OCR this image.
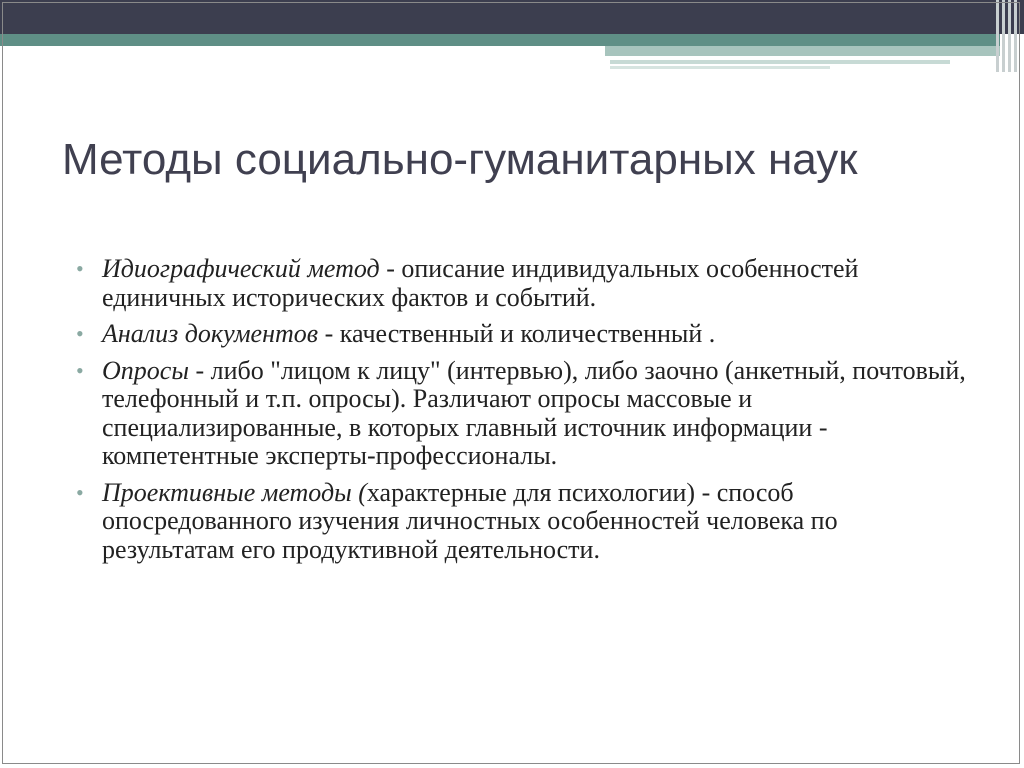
Методы социально-гуманитарных наук
• Идиографический метод - описание индивидуальных особенностей единичных исторических фактов и событий.
• Анализ документов - качественный и количественный .
• Опросы - либо "лицом к лицу" (интервью), либо заочно (анкетный, почтовый, телефонный и т.п. опросы). Различают опросы массовые и специализированные, в которых главный источник информации - компетентные эксперты-профессионалы.
• Проективные методы (характерные для психологии) - способ опосредованного изучения личностных особенностей человека по результатам его продуктивной деятельности.
